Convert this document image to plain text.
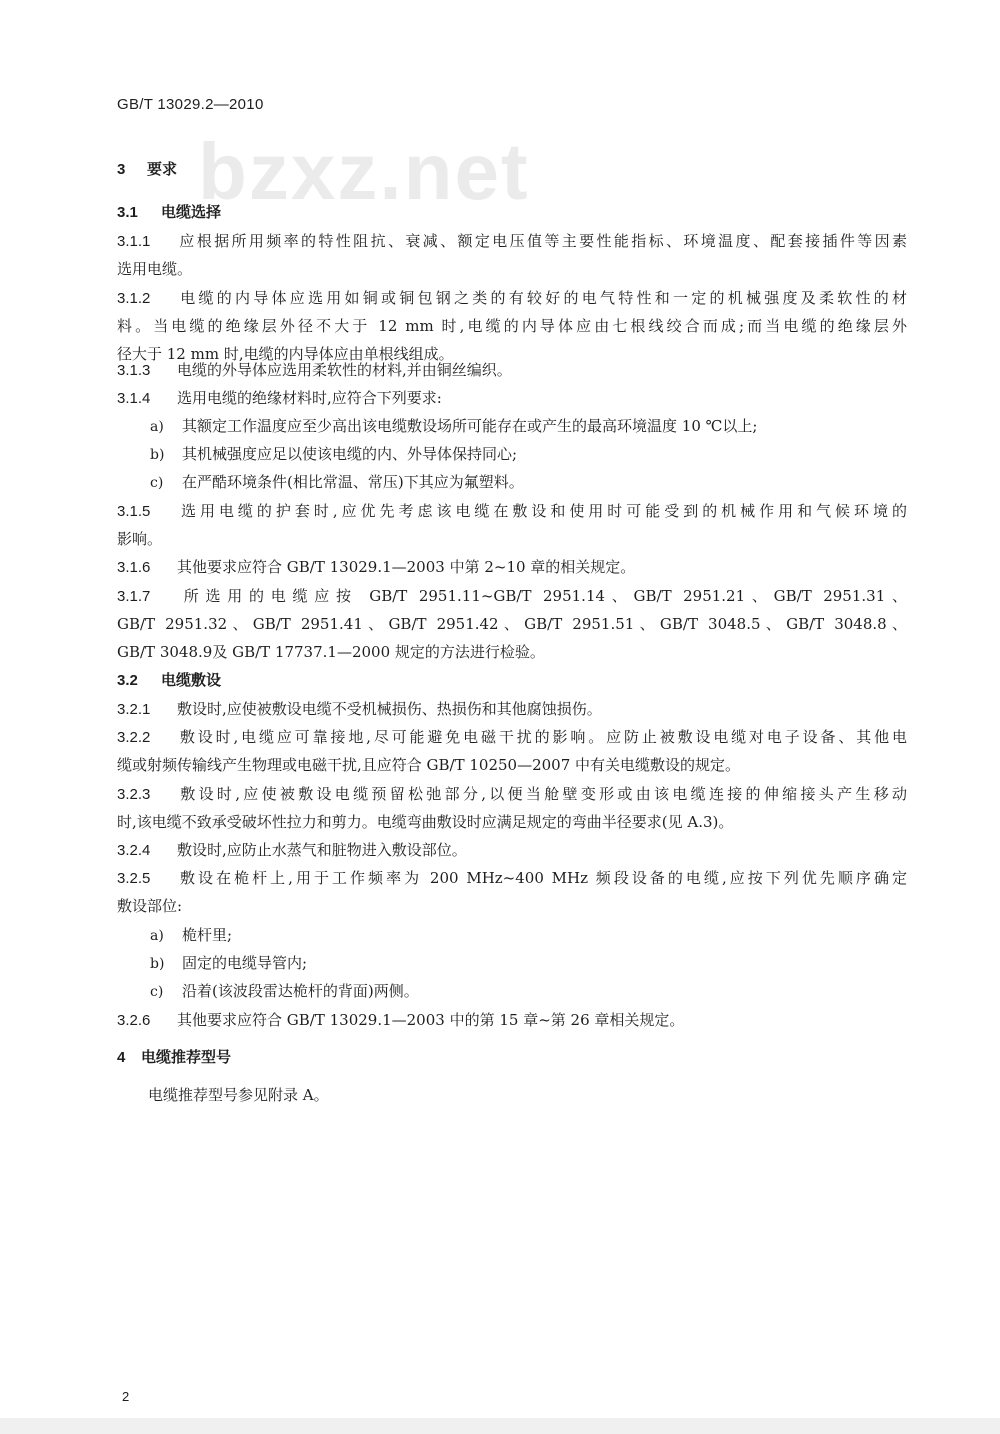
GB/T 13029.2—2010
bzxz.net
3 要求
3.1 电缆选择
3.1.1 应根据所用频率的特性阻抗、衰减、额定电压值等主要性能指标、环境温度、配套接插件等因素
选用电缆。
3.1.2 电缆的内导体应选用如铜或铜包钢之类的有较好的电气特性和一定的机械强度及柔软性的材
料。当电缆的绝缘层外径不大于 12 mm 时,电缆的内导体应由七根线绞合而成;而当电缆的绝缘层外
径大于 12 mm 时,电缆的内导体应由单根线组成。
3.1.3 电缆的外导体应选用柔软性的材料,并由铜丝编织。
3.1.4 选用电缆的绝缘材料时,应符合下列要求:
a) 其额定工作温度应至少高出该电缆敷设场所可能存在或产生的最高环境温度 10 ℃以上;
b) 其机械强度应足以使该电缆的内、外导体保持同心;
c) 在严酷环境条件(相比常温、常压)下其应为氟塑料。
3.1.5 选用电缆的护套时,应优先考虑该电缆在敷设和使用时可能受到的机械作用和气候环境的
影响。
3.1.6 其他要求应符合 GB/T 13029.1—2003 中第 2~10 章的相关规定。
3.1.7 所选用的电缆应按 GB/T 2951.11~GB/T 2951.14、GB/T 2951.21、GB/T 2951.31、
GB/T 2951.32、GB/T 2951.41、GB/T 2951.42、GB/T 2951.51、GB/T 3048.5、GB/T 3048.8、
GB/T 3048.9及 GB/T 17737.1—2000 规定的方法进行检验。
3.2 电缆敷设
3.2.1 敷设时,应使被敷设电缆不受机械损伤、热损伤和其他腐蚀损伤。
3.2.2 敷设时,电缆应可靠接地,尽可能避免电磁干扰的影响。应防止被敷设电缆对电子设备、其他电
缆或射频传输线产生物理或电磁干扰,且应符合 GB/T 10250—2007 中有关电缆敷设的规定。
3.2.3 敷设时,应使被敷设电缆预留松弛部分,以便当舱壁变形或由该电缆连接的伸缩接头产生移动
时,该电缆不致承受破坏性拉力和剪力。电缆弯曲敷设时应满足规定的弯曲半径要求(见 A.3)。
3.2.4 敷设时,应防止水蒸气和脏物进入敷设部位。
3.2.5 敷设在桅杆上,用于工作频率为 200 MHz~400 MHz 频段设备的电缆,应按下列优先顺序确定
敷设部位:
a) 桅杆里;
b) 固定的电缆导管内;
c) 沿着(该波段雷达桅杆的背面)两侧。
3.2.6 其他要求应符合 GB/T 13029.1—2003 中的第 15 章~第 26 章相关规定。
4 电缆推荐型号
电缆推荐型号参见附录 A。
2
